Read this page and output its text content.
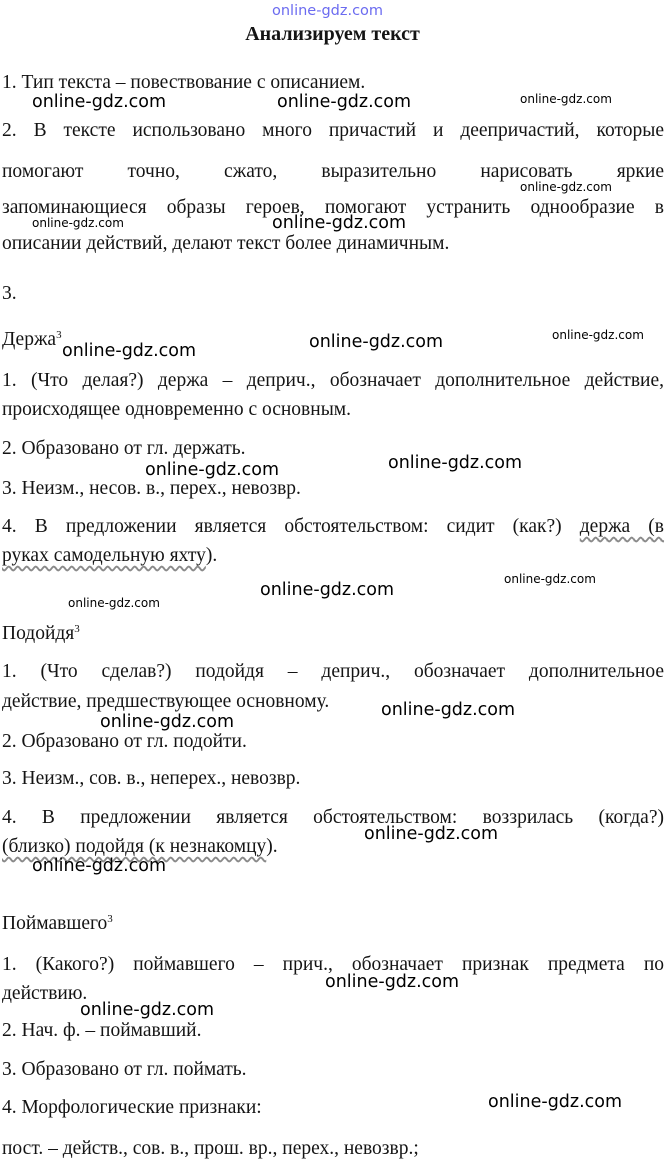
online-gdz.com
Анализируем текст
1. Тип текста – повествование с описанием.
2. В тексте использовано много причастий и деепричастий, которые
помогают точно, сжато, выразительно нарисовать яркие
запоминающиеся образы героев, помогают устранить однообразие в
описании действий, делают текст более динамичным.
3.
Держа$^3$
1. (Что делая?) держа – деприч., обозначает дополнительное действие,
происходящее одновременно с основным.
2. Образовано от гл. держать.
3. Неизм., несов. в., перех., невозвр.
4. В предложении является обстоятельством: сидит (как?) держа (в
руках самодельную яхту).
Подойдя$^3$
1. (Что сделав?) подойдя – деприч., обозначает дополнительное
действие, предшествующее основному.
2. Образовано от гл. подойти.
3. Неизм., сов. в., неперех., невозвр.
4. В предложении является обстоятельством: воззрилась (когда?)
(близко) подойдя (к незнакомцу).
Поймавшего$^3$
1. (Какого?) поймавшего – прич., обозначает признак предмета по
действию.
2. Нач. ф. – поймавший.
3. Образовано от гл. поймать.
4. Морфологические признаки:
пост. – действ., сов. в., прош. вр., перех., невозвр.;
online-gdz.com	online-gdz.com	online-gdz.com
online-gdz.com
online-gdz.com	online-gdz.com
online-gdz.com	online-gdz.com
online-gdz.com
online-gdz.com	online-gdz.com
online-gdz.com
online-gdz.com
online-gdz.com
online-gdz.com
online-gdz.com
online-gdz.com
online-gdz.com
online-gdz.com
online-gdz.com
online-gdz.com
